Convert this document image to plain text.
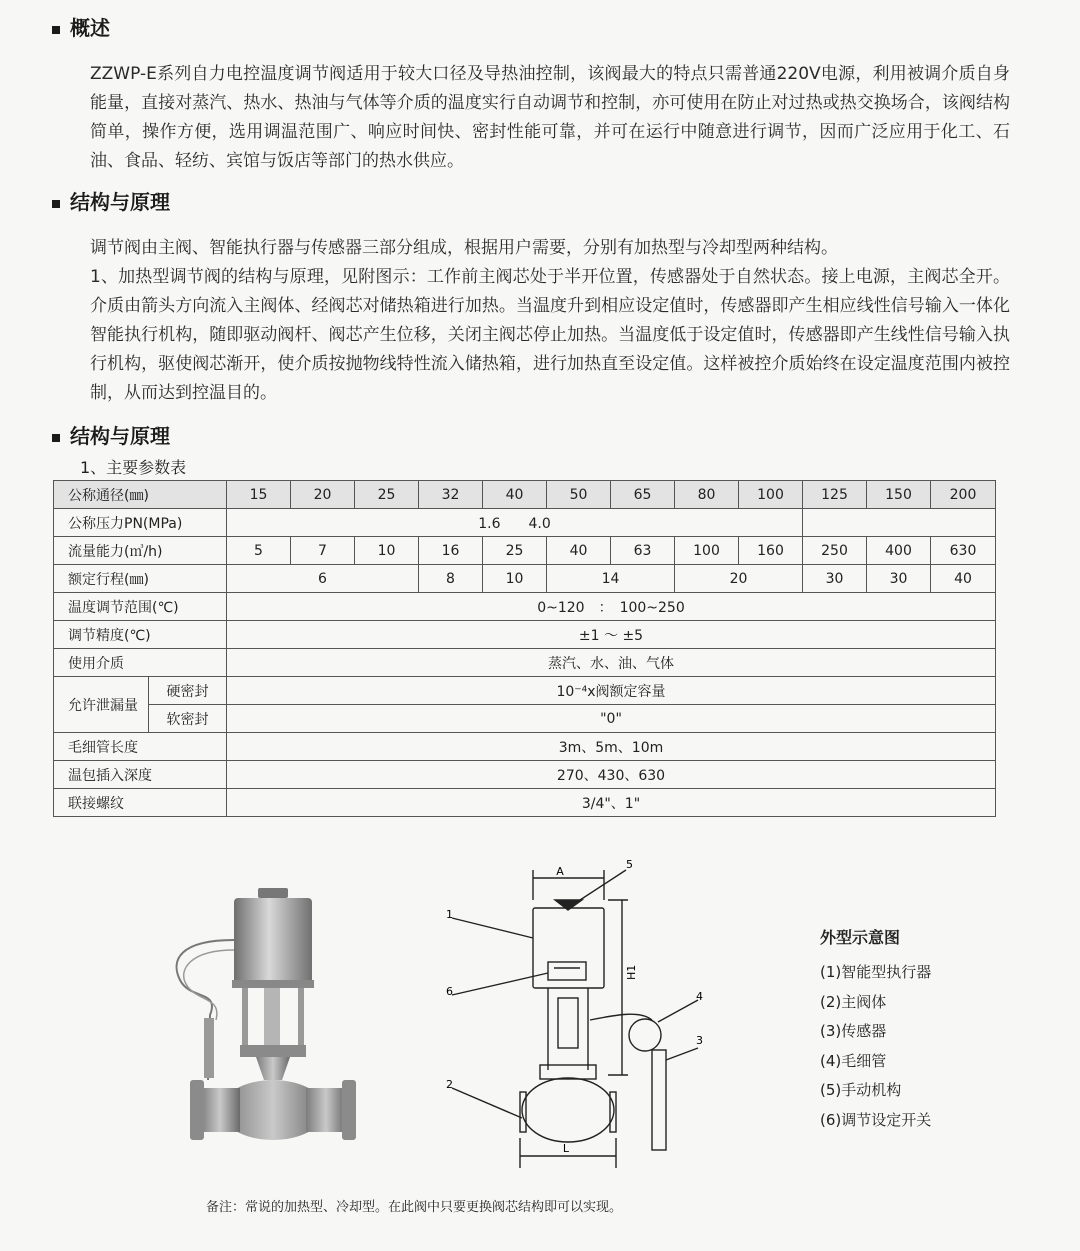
概述
ZZWP-E系列自力电控温度调节阀适用于较大口径及导热油控制，该阀最大的特点只需普通220V电源，利用被调介质自身能量，直接对蒸汽、热水、热油与气体等介质的温度实行自动调节和控制，亦可使用在防止对过热或热交换场合，该阀结构简单，操作方便，选用调温范围广、响应时间快、密封性能可靠，并可在运行中随意进行调节，因而广泛应用于化工、石油、食品、轻纺、宾馆与饭店等部门的热水供应。
结构与原理
调节阀由主阀、智能执行器与传感器三部分组成，根据用户需要，分别有加热型与冷却型两种结构。
1、加热型调节阀的结构与原理，见附图示：工作前主阀芯处于半开位置，传感器处于自然状态。接上电源，主阀芯全开。介质由箭头方向流入主阀体、经阀芯对储热箱进行加热。当温度升到相应设定值时，传感器即产生相应线性信号输入一体化智能执行机构，随即驱动阀杆、阀芯产生位移，关闭主阀芯停止加热。当温度低于设定值时，传感器即产生线性信号输入执行机构，驱使阀芯渐开，使介质按抛物线特性流入储热箱，进行加热直至设定值。这样被控介质始终在设定温度范围内被控制，从而达到控温目的。
结构与原理
1、主要参数表
公称通径(㎜)		15	20	25	32	40	50	65	80	100	125	150	200
公称压力PN(MPa)		1.6　　4.0											
流量能力(㎥/h)		5	7	10	16	25	40	63	100	160	250	400	630
额定行程(㎜)		6			8	10	14		20		30	30	40
温度调节范围(℃)		0~120　：　100~250											
调节精度(℃)		±1 ～ ±5											
使用介质		蒸汽、水、油、气体											
允许泄漏量	硬密封	10⁻⁴x阀额定容量											
	软密封	"0"											
毛细管长度		3m、5m、10m											
温包插入深度		270、430、630											
联接螺纹		3/4"、1"											
A
H1
L
1
2
3
4
5
6
外型示意图
(1)智能型执行器
(2)主阀体
(3)传感器
(4)毛细管
(5)手动机构
(6)调节设定开关
备注：常说的加热型、冷却型。在此阀中只要更换阀芯结构即可以实现。
